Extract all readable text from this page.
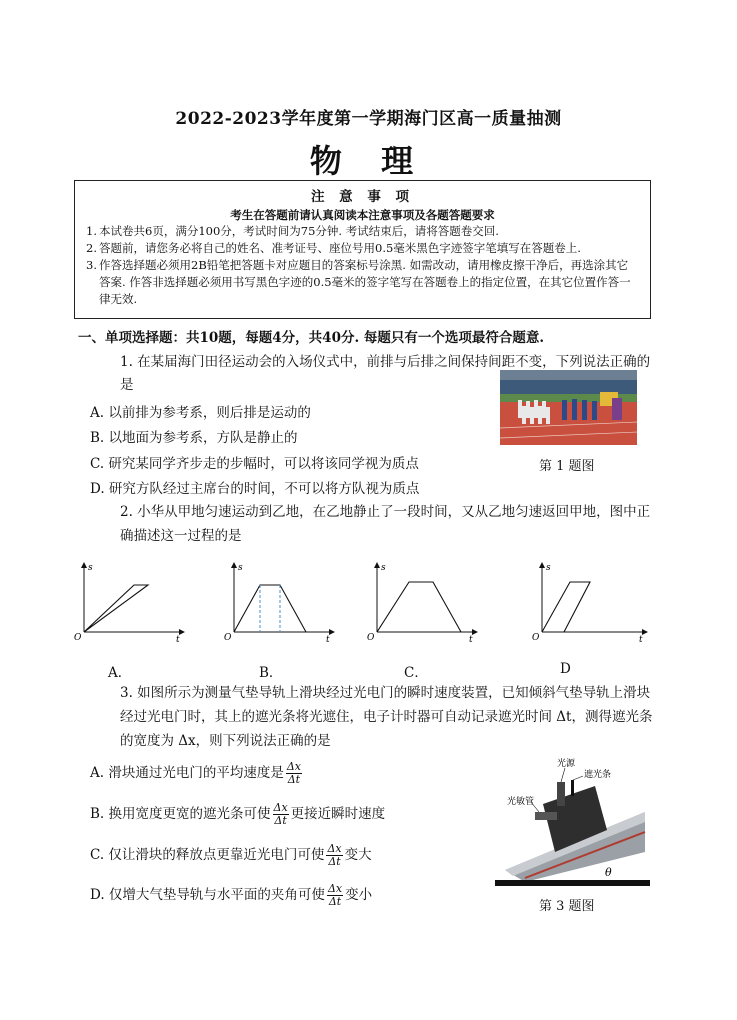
2022-2023学年度第一学期海门区高一质量抽测
物 理
注 意 事 项
考生在答题前请认真阅读本注意事项及各题答题要求
1. 本试卷共6页，满分100分，考试时间为75分钟. 考试结束后，请将答题卷交回.
2. 答题前，请您务必将自己的姓名、准考证号、座位号用0.5毫米黑色字迹签字笔填写在答题卷上.
3. 作答选择题必须用2B铅笔把答题卡对应题目的答案标号涂黑. 如需改动，请用橡皮擦干净后，再选涂其它答案. 作答非选择题必须用书写黑色字迹的0.5毫米的签字笔写在答题卷上的指定位置，在其它位置作答一律无效.
一、单项选择题：共10题，每题4分，共40分. 每题只有一个选项最符合题意.
1. 在某届海门田径运动会的入场仪式中，前排与后排之间保持间距不变，下列说法正确的
是
A. 以前排为参考系，则后排是运动的
B. 以地面为参考系，方队是静止的
C. 研究某同学齐步走的步幅时，可以将该同学视为质点
D. 研究方队经过主席台的时间，不可以将方队视为质点
第 1 题图
2. 小华从甲地匀速运动到乙地，在乙地静止了一段时间，又从乙地匀速返回甲地，图中正
确描述这一过程的是
s
t
O
s
t
O
s
t
O
s
t
O
A．	B．	C．	D
3. 如图所示为测量气垫导轨上滑块经过光电门的瞬时速度装置，已知倾斜气垫导轨上滑块
经过光电门时，其上的遮光条将光遮住，电子计时器可自动记录遮光时间 Δt，测得遮光条
的宽度为 Δx，则下列说法正确的是
A. 滑块通过光电门的平均速度是 $\frac{\Delta x}{\Delta t}$
B. 换用宽度更宽的遮光条可使 $\frac{\Delta x}{\Delta t}$ 更接近瞬时速度
C. 仅让滑块的释放点更靠近光电门可使 $\frac{\Delta x}{\Delta t}$ 变大
D. 仅增大气垫导轨与水平面的夹角可使 $\frac{\Delta x}{\Delta t}$ 变小
光源
遮光条
光敏管
θ
第 3 题图
